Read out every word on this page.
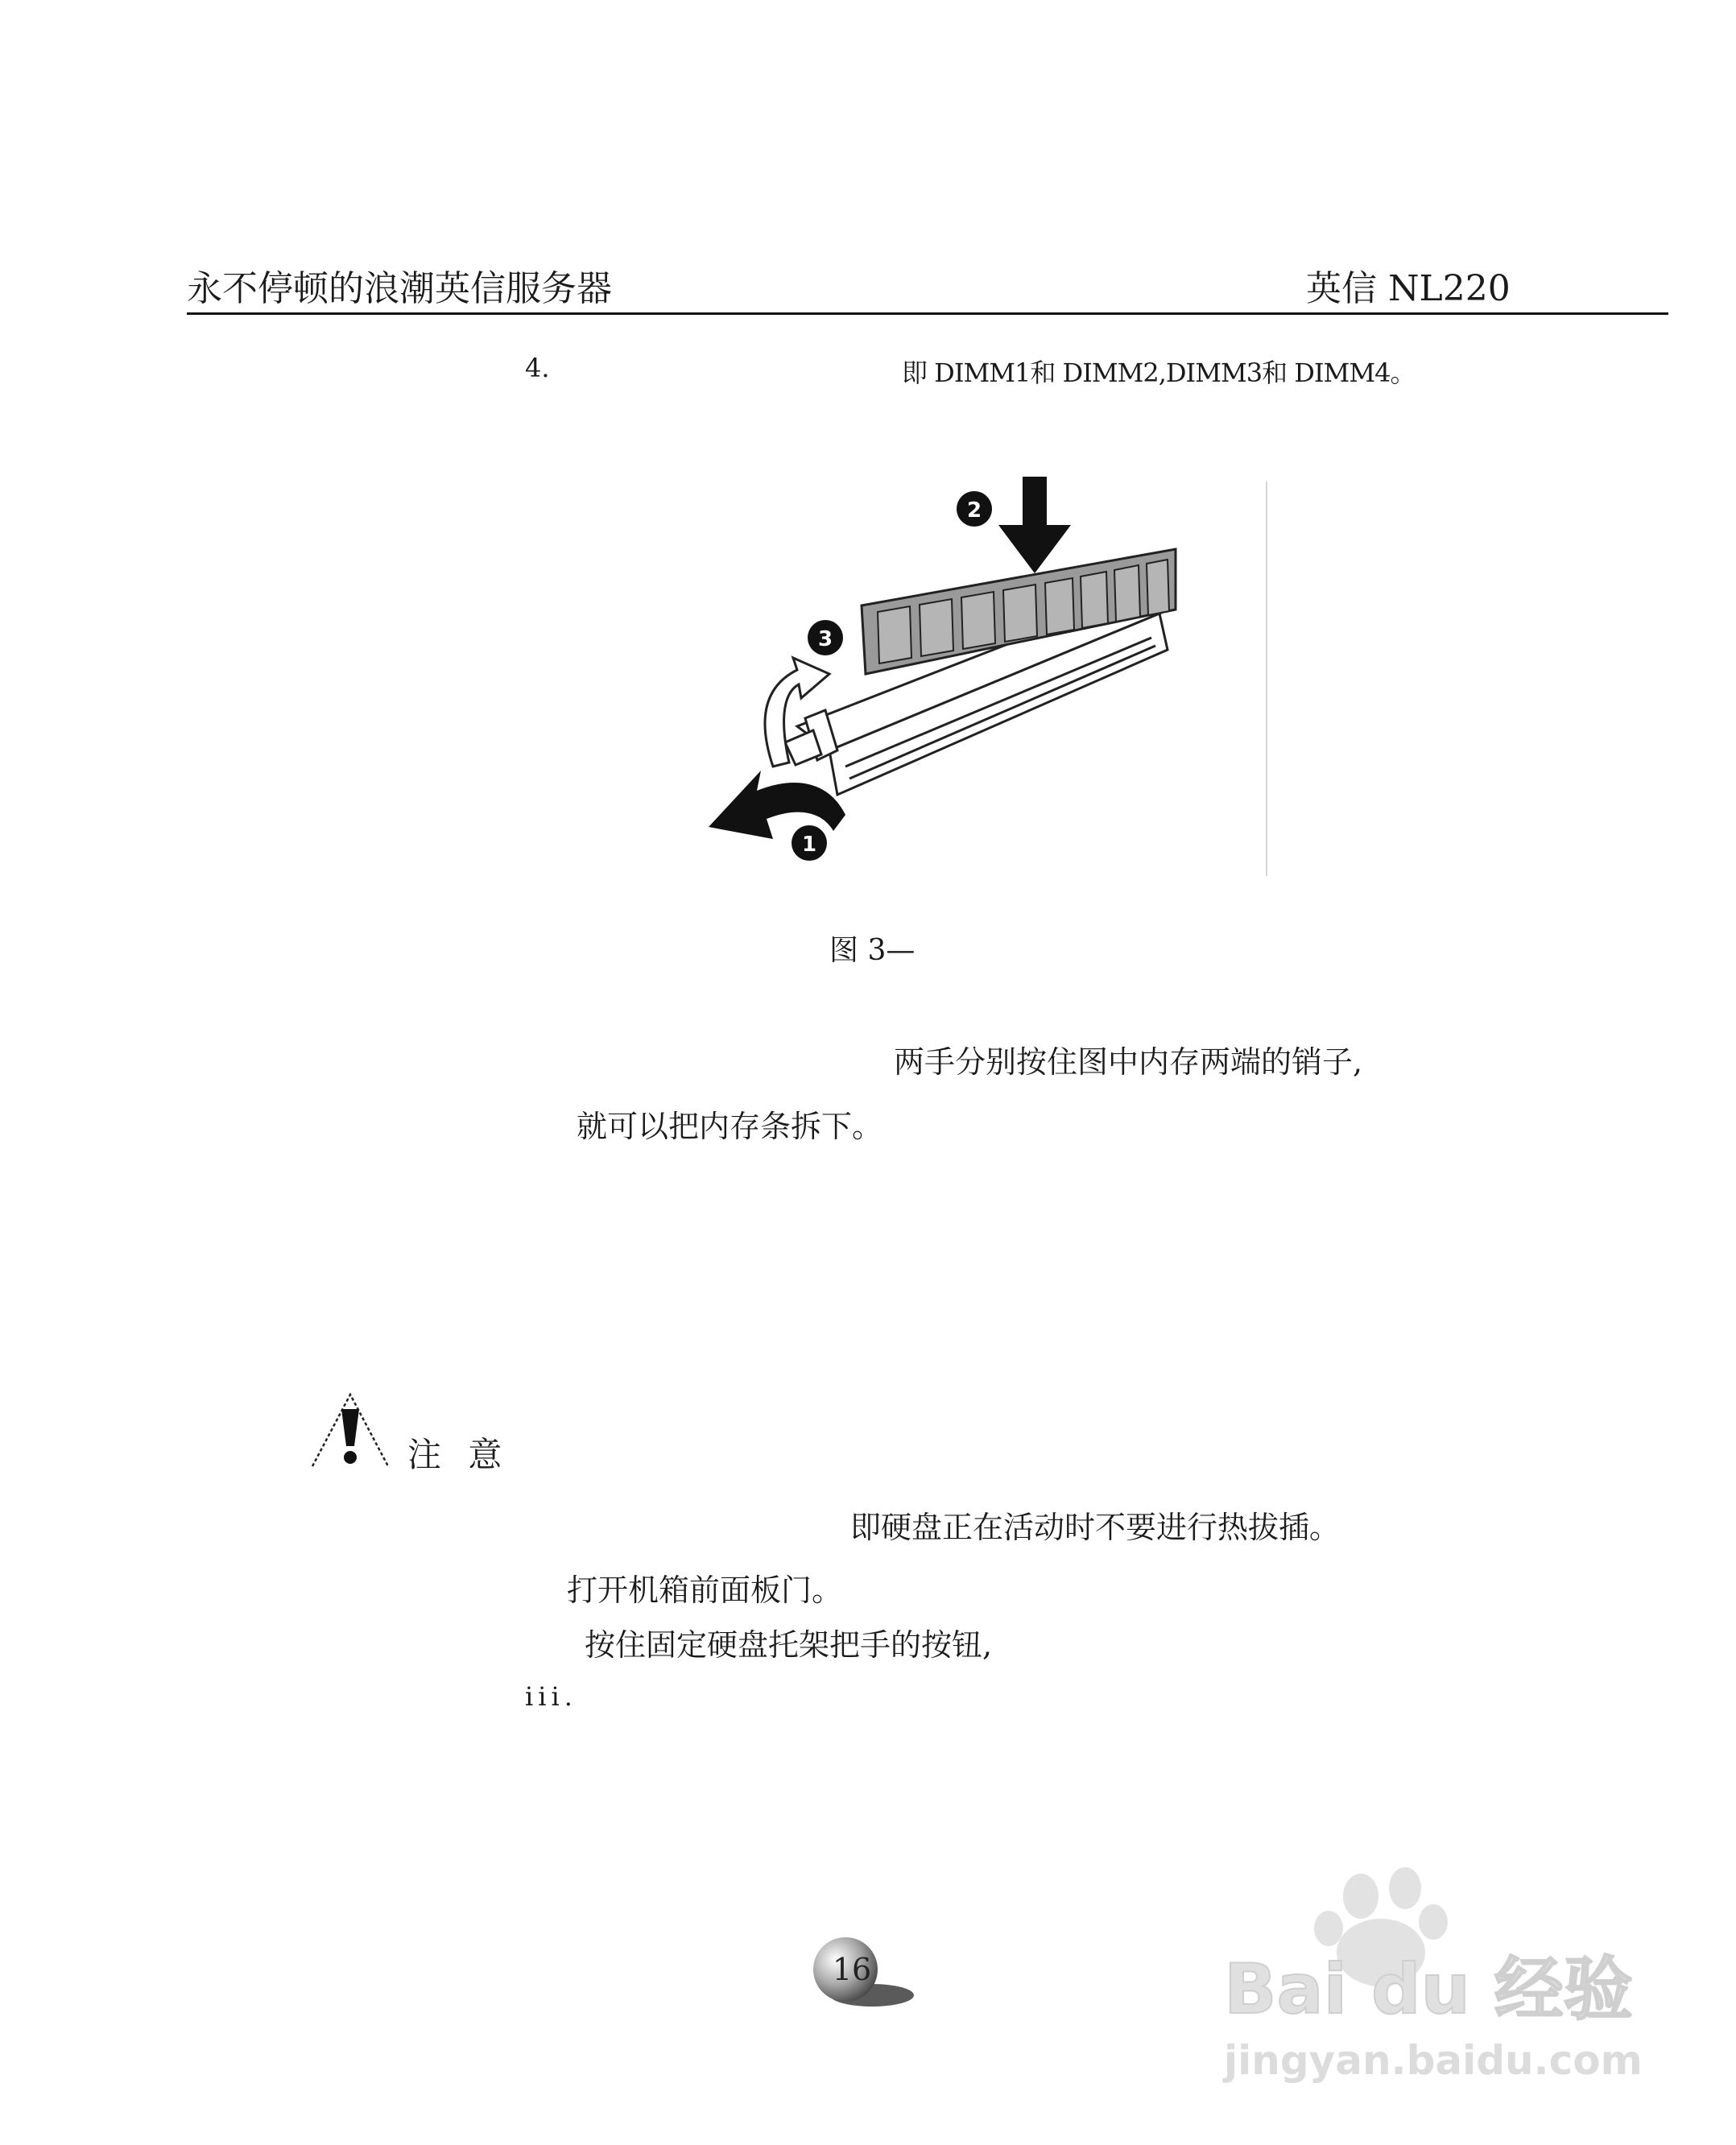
永不停顿的浪潮英信服务器	英信 NL220
4.	即 DIMM1和 DIMM2,DIMM3和 DIMM4。
2
3
1
图 3—
两手分别按住图中内存两端的销子,
就可以把内存条拆下。
注 意
即硬盘正在活动时不要进行热拔插。
打开机箱前面板门。
按住固定硬盘托架把手的按钮,
iii.
16	Bai du 经验
jingyan.baidu.com
